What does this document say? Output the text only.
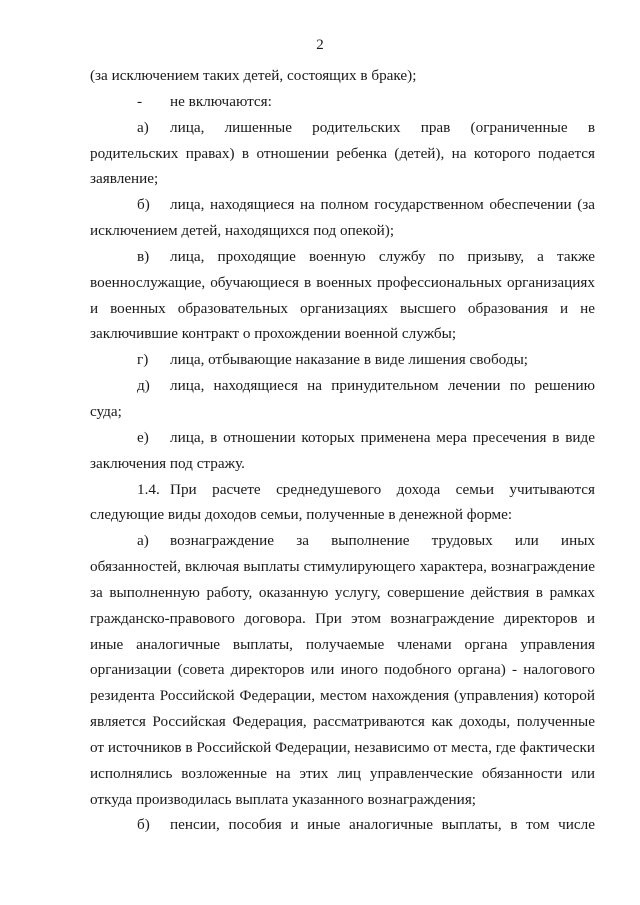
2

(за исключением таких детей, состоящих в браке);

- не включаются:

а) лица, лишенные родительских прав (ограниченные в родительских правах) в отношении ребенка (детей), на которого подается заявление;

б) лица, находящиеся на полном государственном обеспечении (за исключением детей, находящихся под опекой);

в) лица, проходящие военную службу по призыву, а также военнослужащие, обучающиеся в военных профессиональных организациях и военных образовательных организациях высшего образования и не заключившие контракт о прохождении военной службы;

г) лица, отбывающие наказание в виде лишения свободы;

д) лица, находящиеся на принудительном лечении по решению суда;

е) лица, в отношении которых применена мера пресечения в виде заключения под стражу.

1.4. При расчете среднедушевого дохода семьи учитываются следующие виды доходов семьи, полученные в денежной форме:

а) вознаграждение за выполнение трудовых или иных обязанностей, включая выплаты стимулирующего характера, вознаграждение за выполненную работу, оказанную услугу, совершение действия в рамках гражданско-правового договора. При этом вознаграждение директоров и иные аналогичные выплаты, получаемые членами органа управления организации (совета директоров или иного подобного органа) - налогового резидента Российской Федерации, местом нахождения (управления) которой является Российская Федерация, рассматриваются как доходы, полученные от источников в Российской Федерации, независимо от места, где фактически исполнялись возложенные на этих лиц управленческие обязанности или откуда производилась выплата указанного вознаграждения;

б) пенсии, пособия и иные аналогичные выплаты, в том числе
